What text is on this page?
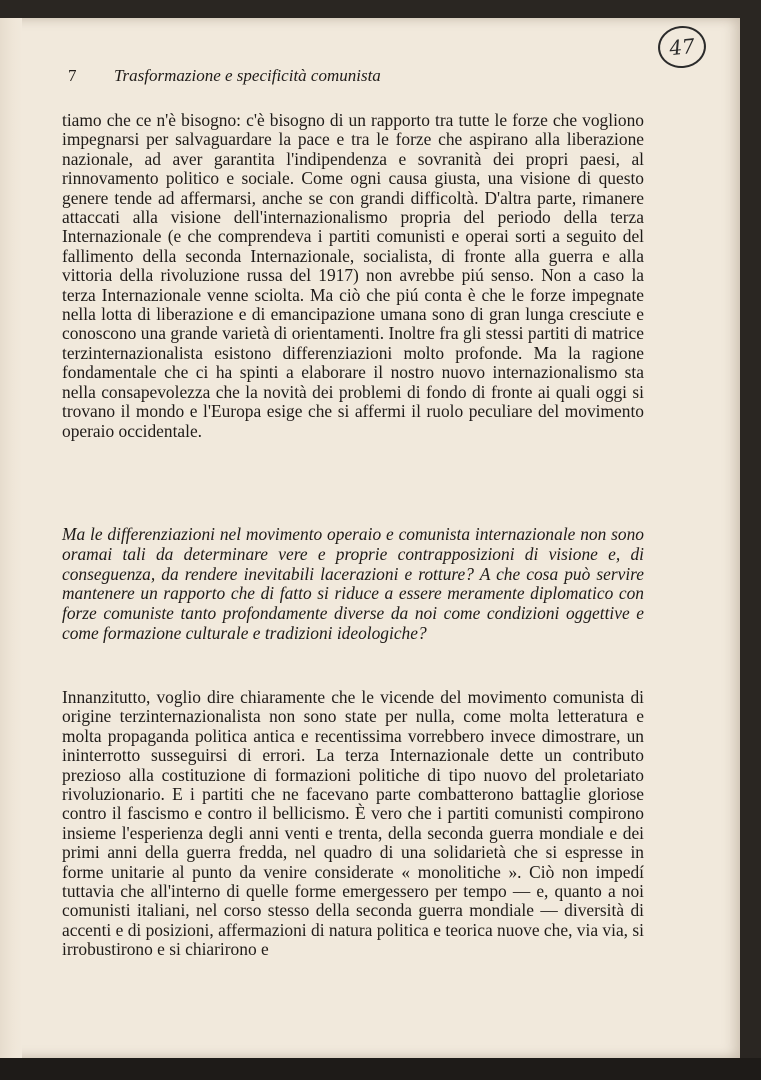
47
7 Trasformazione e specificità comunista

tiamo che ce n'è bisogno: c'è bisogno di un rapporto tra tutte le forze che vogliono impegnarsi per salvaguardare la pace e tra le forze che aspirano alla liberazione nazionale, ad aver garantita l'indipendenza e sovranità dei propri paesi, al rinnovamento politico e sociale. Come ogni causa giusta, una visione di questo genere tende ad affermarsi, anche se con grandi difficoltà. D'altra parte, rimanere attaccati alla visione dell'internazionalismo propria del periodo della terza Internazionale (e che comprendeva i partiti comunisti e operai sorti a seguito del fallimento della seconda Internazionale, socialista, di fronte alla guerra e alla vittoria della rivoluzione russa del 1917) non avrebbe piú senso. Non a caso la terza Internazionale venne sciolta. Ma ciò che piú conta è che le forze impegnate nella lotta di liberazione e di emancipazione umana sono di gran lunga cresciute e conoscono una grande varietà di orientamenti. Inoltre fra gli stessi partiti di matrice terzinternazionalista esistono differenziazioni molto profonde. Ma la ragione fondamentale che ci ha spinti a elaborare il nostro nuovo internazionalismo sta nella consapevolezza che la novità dei problemi di fondo di fronte ai quali oggi si trovano il mondo e l'Europa esige che si affermi il ruolo peculiare del movimento operaio occidentale.

Ma le differenziazioni nel movimento operaio e comunista internazionale non sono oramai tali da determinare vere e proprie contrapposizioni di visione e, di conseguenza, da rendere inevitabili lacerazioni e rotture? A che cosa può servire mantenere un rapporto che di fatto si riduce a essere meramente diplomatico con forze comuniste tanto profondamente diverse da noi come condizioni oggettive e come formazione culturale e tradizioni ideologiche?

Innanzitutto, voglio dire chiaramente che le vicende del movimento comunista di origine terzinternazionalista non sono state per nulla, come molta letteratura e molta propaganda politica antica e recentissima vorrebbero invece dimostrare, un ininterrotto susseguirsi di errori. La terza Internazionale dette un contributo prezioso alla costituzione di formazioni politiche di tipo nuovo del proletariato rivoluzionario. E i partiti che ne facevano parte combatterono battaglie gloriose contro il fascismo e contro il bellicismo. È vero che i partiti comunisti compirono insieme l'esperienza degli anni venti e trenta, della seconda guerra mondiale e dei primi anni della guerra fredda, nel quadro di una solidarietà che si espresse in forme unitarie al punto da venire considerate « monolitiche ». Ciò non impedí tuttavia che all'interno di quelle forme emergessero per tempo — e, quanto a noi comunisti italiani, nel corso stesso della seconda guerra mondiale — diversità di accenti e di posizioni, affermazioni di natura politica e teorica nuove che, via via, si irrobustirono e si chiarirono e
